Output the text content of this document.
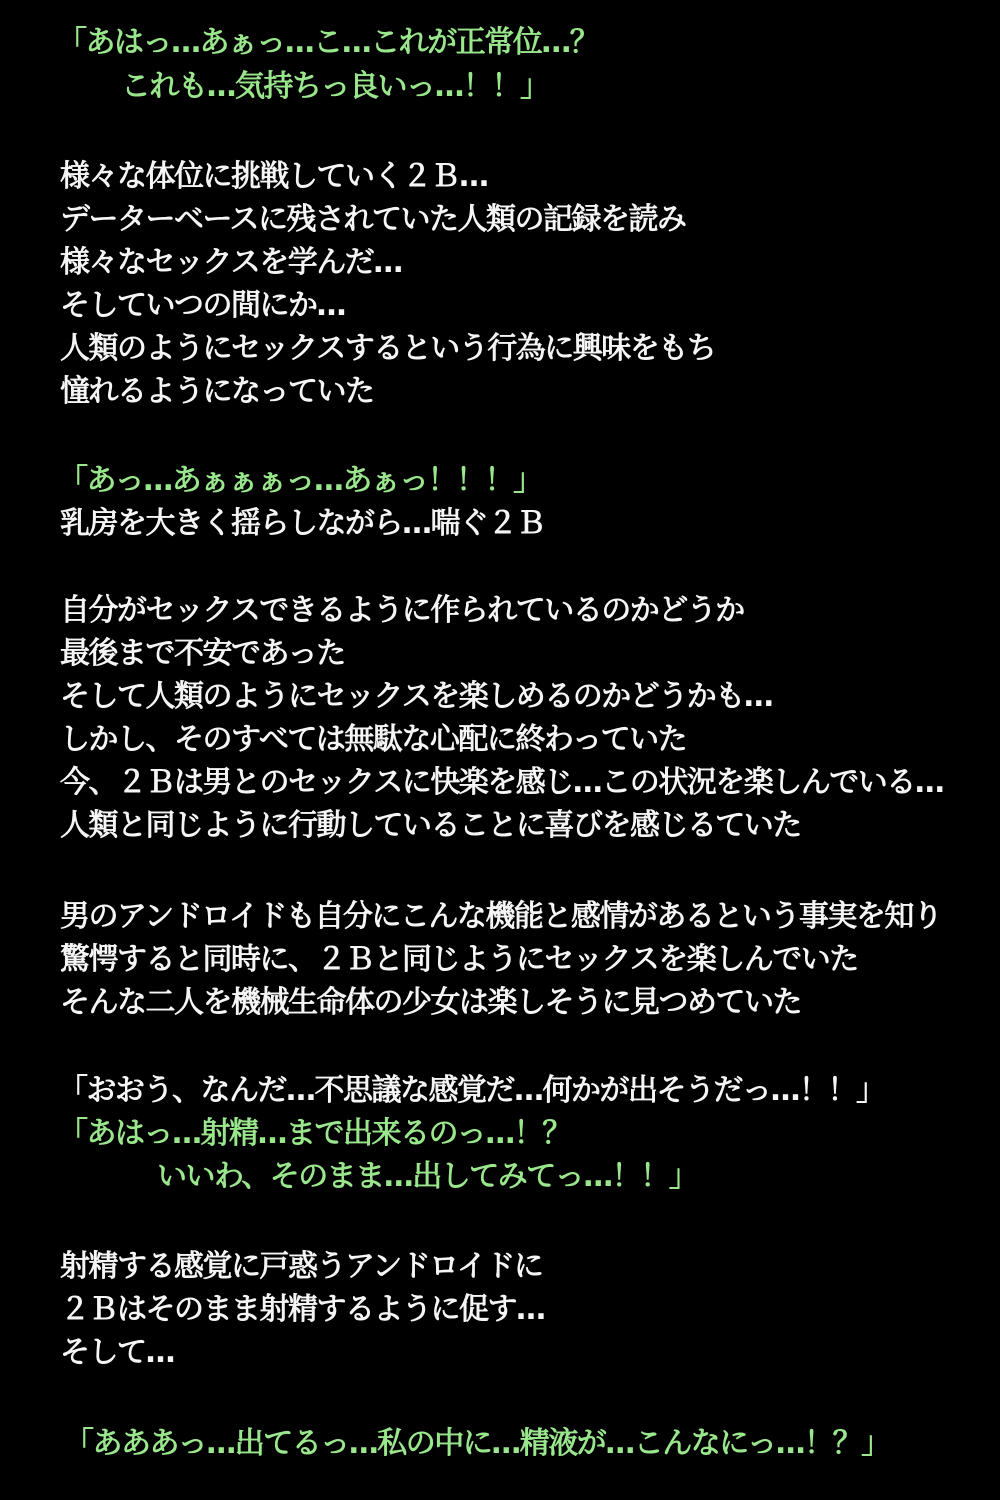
「あはっ…あぁっ…こ…これが正常位…？
これも…気持ちっ良いっ…！！」
様々な体位に挑戦していく２Ｂ…
データーベースに残されていた人類の記録を読み
様々なセックスを学んだ…
そしていつの間にか…
人類のようにセックスするという行為に興味をもち
憧れるようになっていた
「あっ…あぁぁぁっ…あぁっ！！！」
乳房を大きく揺らしながら…喘ぐ２Ｂ
自分がセックスできるように作られているのかどうか
最後まで不安であった
そして人類のようにセックスを楽しめるのかどうかも…
しかし、そのすべては無駄な心配に終わっていた
今、２Ｂは男とのセックスに快楽を感じ…この状況を楽しんでいる…
人類と同じように行動していることに喜びを感じるていた
男のアンドロイドも自分にこんな機能と感情があるという事実を知り
驚愕すると同時に、２Ｂと同じようにセックスを楽しんでいた
そんな二人を機械生命体の少女は楽しそうに見つめていた
「おおう、なんだ…不思議な感覚だ…何かが出そうだっ…！！」
「あはっ…射精…まで出来るのっ…！？
いいわ、そのまま…出してみてっ…！！」
射精する感覚に戸惑うアンドロイドに
２Ｂはそのまま射精するように促す…
そして…
「あああっ…出てるっ…私の中に…精液が…こんなにっ…！？」
